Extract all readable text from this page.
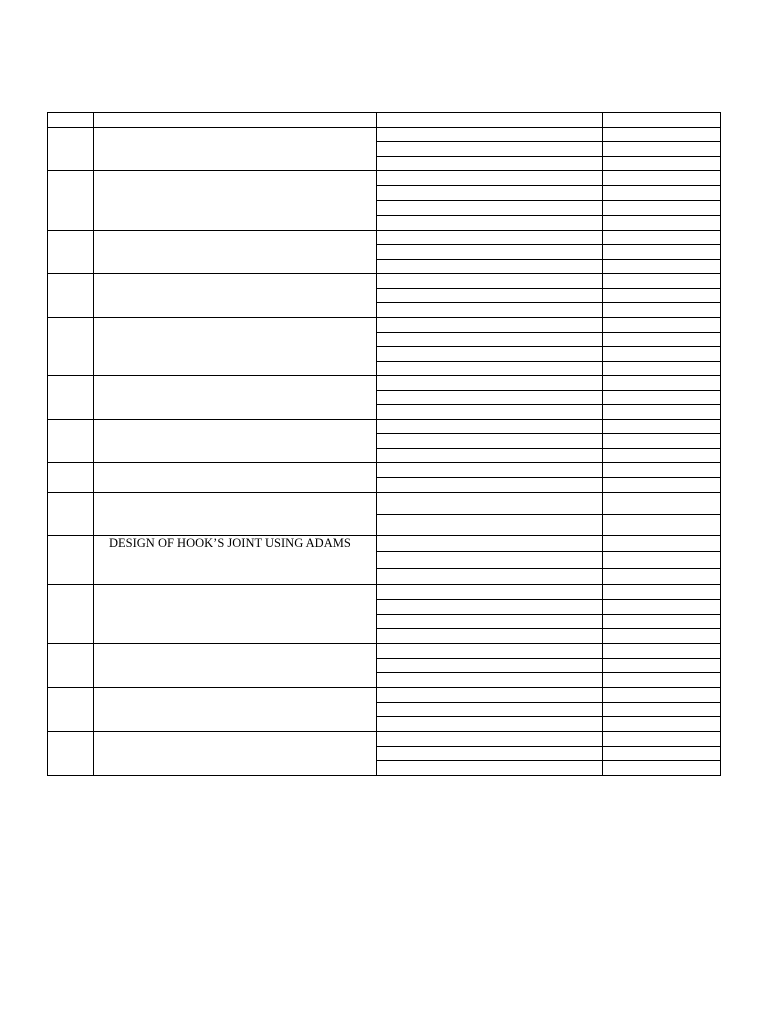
DESIGN OF HOOK’S JOINT USING ADAMS
